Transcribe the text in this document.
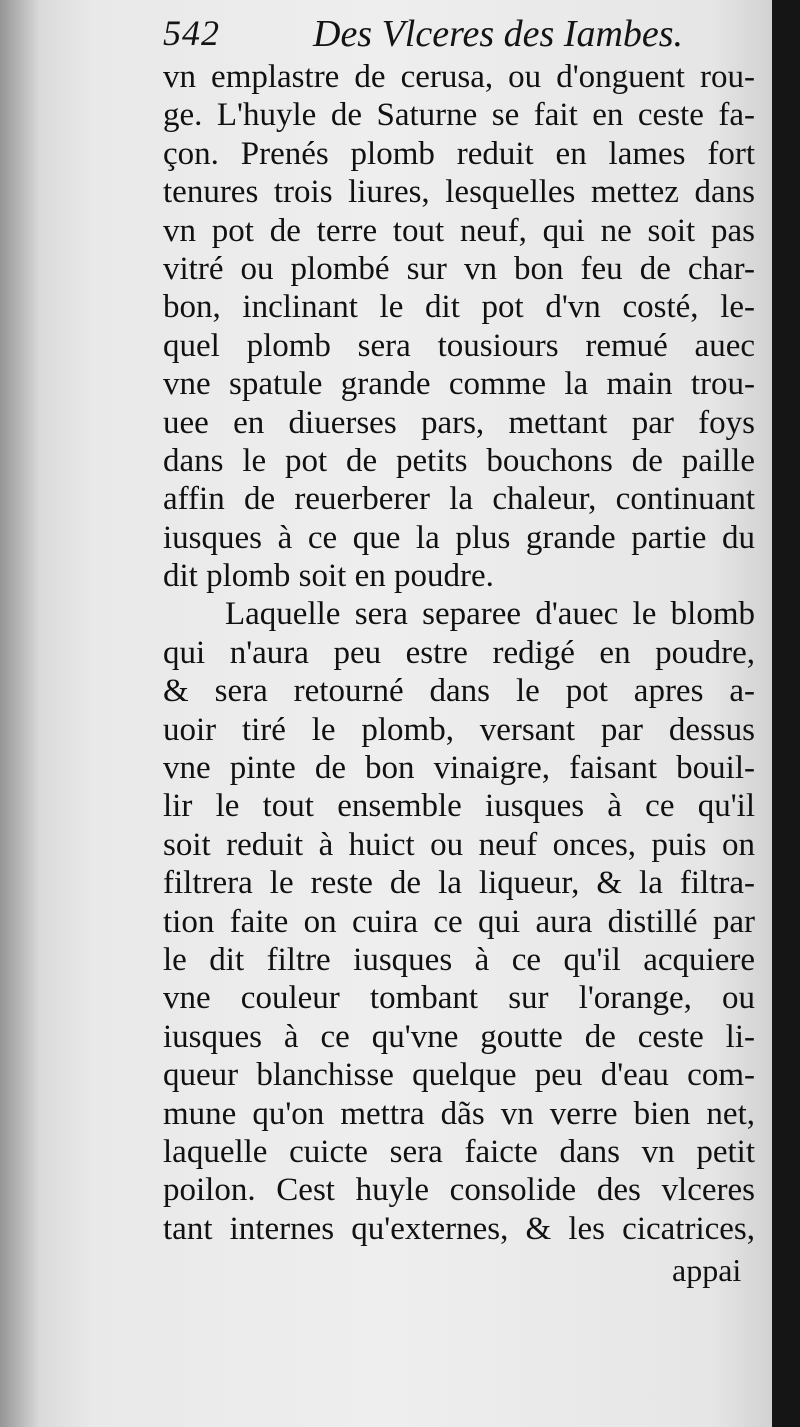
542 Des Vlceres des Iambes.
vn emplastre de cerusa, ou d'onguent rou-
ge. L'huyle de Saturne se fait en ceste fa-
çon. Prenés plomb reduit en lames fort
tenures trois liures, lesquelles mettez dans
vn pot de terre tout neuf, qui ne soit pas
vitré ou plombé sur vn bon feu de char-
bon, inclinant le dit pot d'vn costé, le-
quel plomb sera tousiours remué auec
vne spatule grande comme la main trou-
uee en diuerses pars, mettant par foys
dans le pot de petits bouchons de paille
affin de reuerberer la chaleur, continuant
iusques à ce que la plus grande partie du
dit plomb soit en poudre.
Laquelle sera separee d'auec le blomb
qui n'aura peu estre redigé en poudre,
& sera retourné dans le pot apres a-
uoir tiré le plomb, versant par dessus
vne pinte de bon vinaigre, faisant bouil-
lir le tout ensemble iusques à ce qu'il
soit reduit à huict ou neuf onces, puis on
filtrera le reste de la liqueur, & la filtra-
tion faite on cuira ce qui aura distillé par
le dit filtre iusques à ce qu'il acquiere
vne couleur tombant sur l'orange, ou
iusques à ce qu'vne goutte de ceste li-
queur blanchisse quelque peu d'eau com-
mune qu'on mettra dãs vn verre bien net,
laquelle cuicte sera faicte dans vn petit
poilon. Cest huyle consolide des vlceres
tant internes qu'externes, & les cicatrices,
appai
